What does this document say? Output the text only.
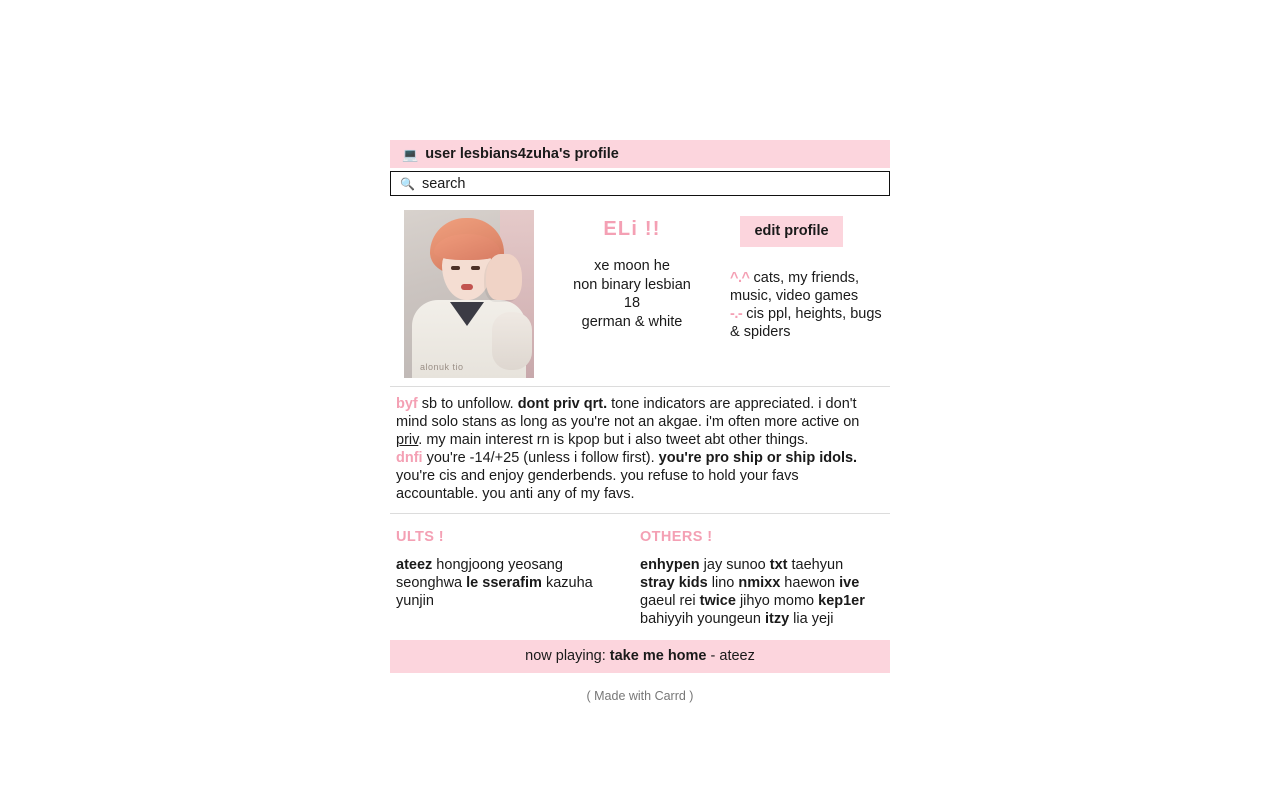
💻 user lesbians4zuha's profile
🔍
search
alonuk tio
ELi !!
xe moon he
non binary lesbian
18
german & white
edit profile
^.^ cats, my friends, music, video games
-.- cis ppl, heights, bugs & spiders

byf sb to unfollow. dont priv qrt. tone indicators are appreciated. i don't mind solo stans as long as you're not an akgae. i'm often more active on priv. my main interest rn is kpop but i also tweet abt other things.

dnfi you're -14/+25 (unless i follow first). you're pro ship or ship idols. you're cis and enjoy genderbends. you refuse to hold your favs accountable. you anti any of my favs.

ULTS !
ateez hongjoong yeosang seonghwa le sserafim kazuha yunjin
OTHERS !
enhypen jay sunoo txt taehyun stray kids lino nmixx haewon ive gaeul rei twice jihyo momo kep1er bahiyyih youngeun itzy lia yeji
now playing: take me home - ateez
( Made with Carrd )
